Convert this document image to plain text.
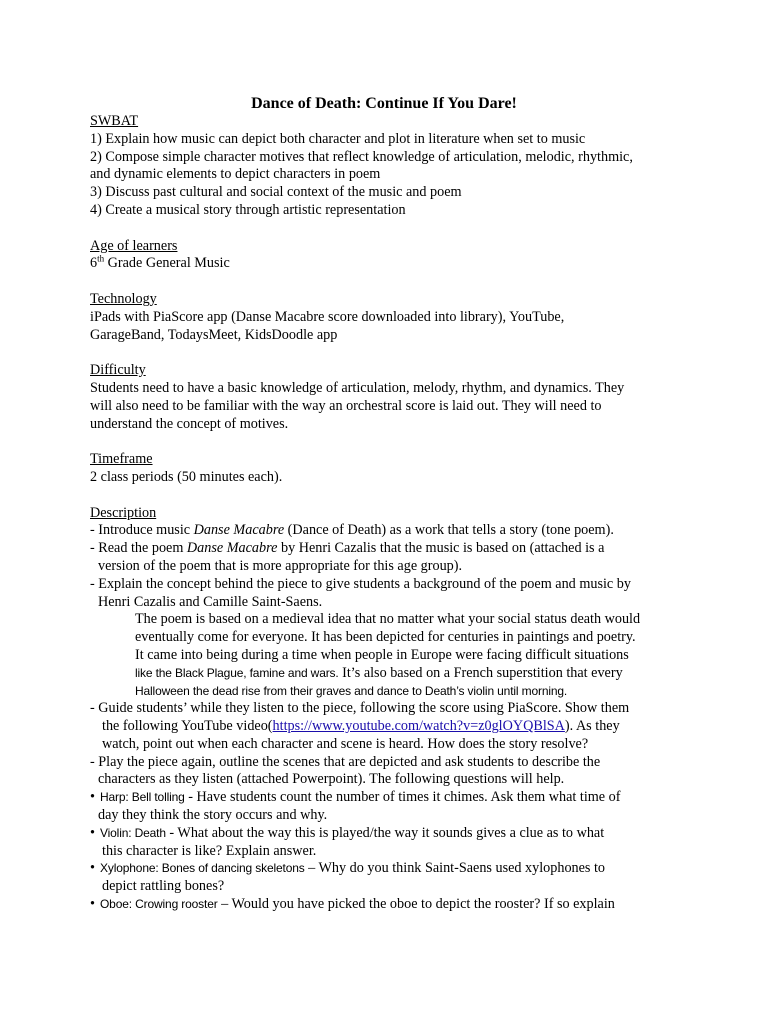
Dance of Death: Continue If You Dare!
SWBAT
1) Explain how music can depict both character and plot in literature when set to music
2) Compose simple character motives that reflect knowledge of articulation, melodic, rhythmic,
and dynamic elements to depict characters in poem
3) Discuss past cultural and social context of the music and poem
4) Create a musical story through artistic representation
Age of learners
6th Grade General Music
Technology
iPads with PiaScore app (Danse Macabre score downloaded into library), YouTube,
GarageBand, TodaysMeet, KidsDoodle app
Difficulty
Students need to have a basic knowledge of articulation, melody, rhythm, and dynamics. They
will also need to be familiar with the way an orchestral score is laid out. They will need to
understand the concept of motives.
Timeframe
2 class periods (50 minutes each).
Description
- Introduce music Danse Macabre (Dance of Death) as a work that tells a story (tone poem).
- Read the poem Danse Macabre by Henri Cazalis that the music is based on (attached is a
version of the poem that is more appropriate for this age group).
- Explain the concept behind the piece to give students a background of the poem and music by
Henri Cazalis and Camille Saint-Saens.
The poem is based on a medieval idea that no matter what your social status death would
eventually come for everyone. It has been depicted for centuries in paintings and poetry.
It came into being during a time when people in Europe were facing difficult situations
like the Black Plague, famine and wars. It’s also based on a French superstition that every
Halloween the dead rise from their graves and dance to Death’s violin until morning.
- Guide students’ while they listen to the piece, following the score using PiaScore. Show them
the following YouTube video(https://www.youtube.com/watch?v=z0glOYQBlSA). As they
watch, point out when each character and scene is heard. How does the story resolve?
- Play the piece again, outline the scenes that are depicted and ask students to describe the
characters as they listen (attached Powerpoint). The following questions will help.
• Harp: Bell tolling - Have students count the number of times it chimes. Ask them what time of
day they think the story occurs and why.
• Violin: Death - What about the way this is played/the way it sounds gives a clue as to what
this character is like? Explain answer.
• Xylophone: Bones of dancing skeletons – Why do you think Saint-Saens used xylophones to
depict rattling bones?
• Oboe: Crowing rooster – Would you have picked the oboe to depict the rooster? If so explain
